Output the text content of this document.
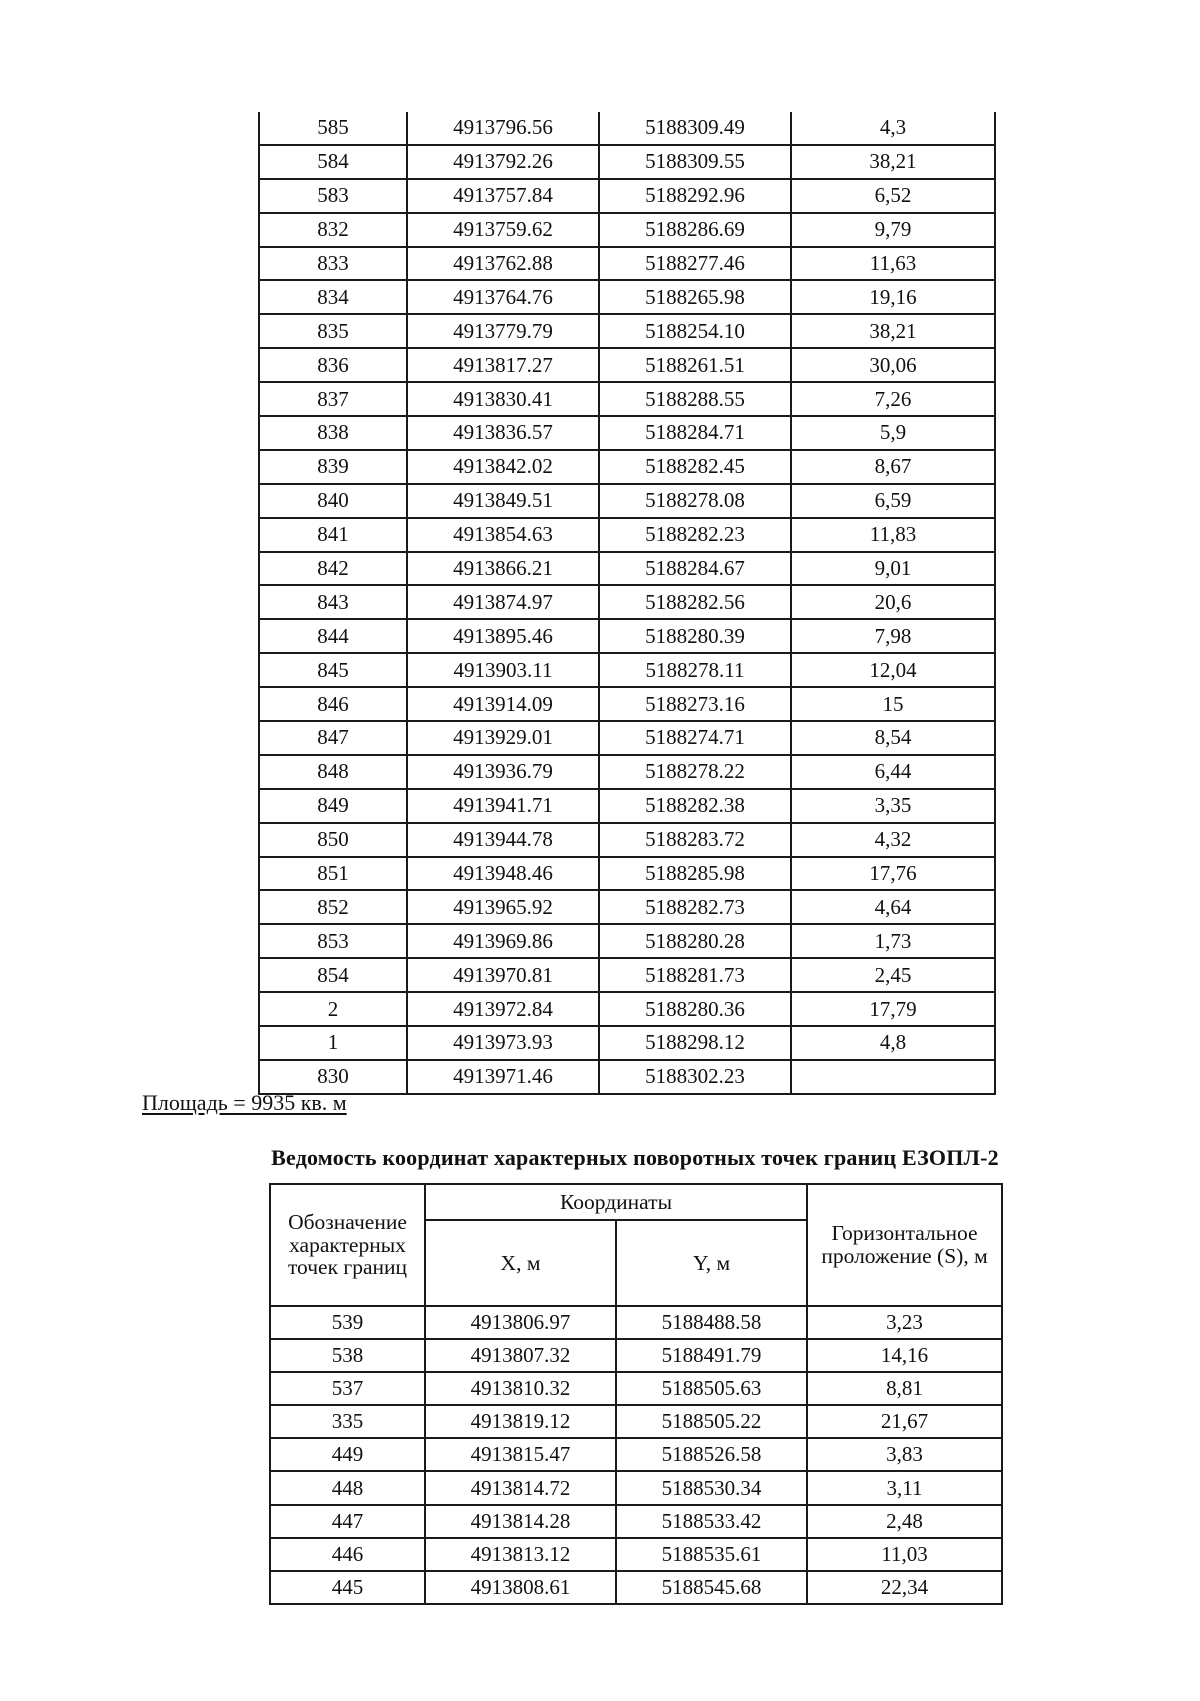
585	4913796.56	5188309.49	4,3
584	4913792.26	5188309.55	38,21
583	4913757.84	5188292.96	6,52
832	4913759.62	5188286.69	9,79
833	4913762.88	5188277.46	11,63
834	4913764.76	5188265.98	19,16
835	4913779.79	5188254.10	38,21
836	4913817.27	5188261.51	30,06
837	4913830.41	5188288.55	7,26
838	4913836.57	5188284.71	5,9
839	4913842.02	5188282.45	8,67
840	4913849.51	5188278.08	6,59
841	4913854.63	5188282.23	11,83
842	4913866.21	5188284.67	9,01
843	4913874.97	5188282.56	20,6
844	4913895.46	5188280.39	7,98
845	4913903.11	5188278.11	12,04
846	4913914.09	5188273.16	15
847	4913929.01	5188274.71	8,54
848	4913936.79	5188278.22	6,44
849	4913941.71	5188282.38	3,35
850	4913944.78	5188283.72	4,32
851	4913948.46	5188285.98	17,76
852	4913965.92	5188282.73	4,64
853	4913969.86	5188280.28	1,73
854	4913970.81	5188281.73	2,45
2	4913972.84	5188280.36	17,79
1	4913973.93	5188298.12	4,8
830	4913971.46	5188302.23	
Площадь = 9935 кв. м
Ведомость координат характерных поворотных точек границ ЕЗОПЛ-2
Обозначение характерных точек границ	Координаты		Горизонтальное проложение (S), м
	X, м	Y, м	
539	4913806.97	5188488.58	3,23
538	4913807.32	5188491.79	14,16
537	4913810.32	5188505.63	8,81
335	4913819.12	5188505.22	21,67
449	4913815.47	5188526.58	3,83
448	4913814.72	5188530.34	3,11
447	4913814.28	5188533.42	2,48
446	4913813.12	5188535.61	11,03
445	4913808.61	5188545.68	22,34
